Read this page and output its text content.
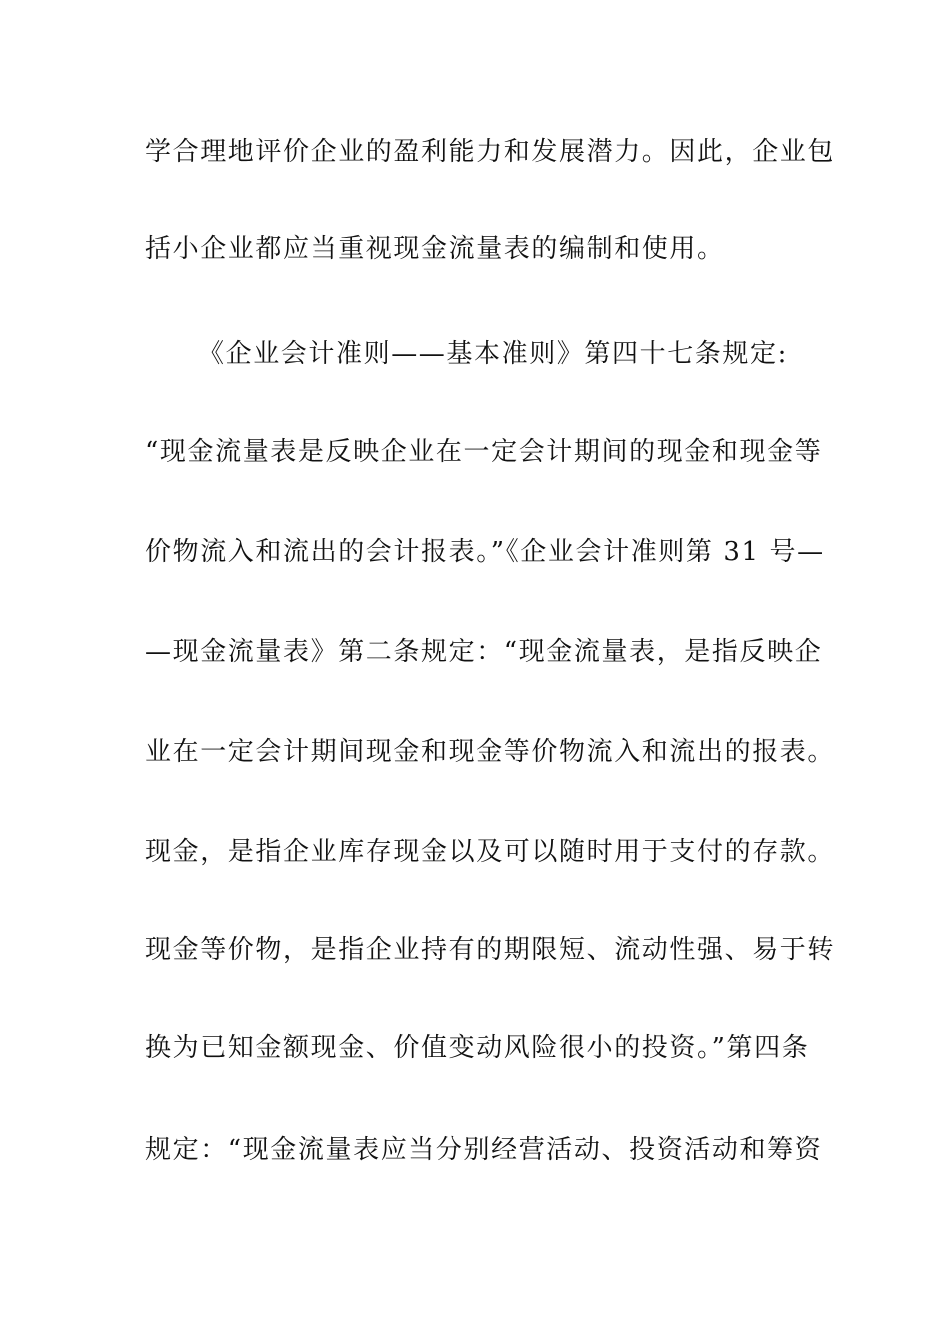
学合理地评价企业的盈利能力和发展潜力。因此，企业包
括小企业都应当重视现金流量表的编制和使用。
《企业会计准则——基本准则》第四十七条规定:
“现金流量表是反映企业在一定会计期间的现金和现金等
价物流入和流出的会计报表。”《企业会计准则第 31 号—
—现金流量表》第二条规定：“现金流量表，是指反映企
业在一定会计期间现金和现金等价物流入和流出的报表。
现金，是指企业库存现金以及可以随时用于支付的存款。
现金等价物，是指企业持有的期限短、流动性强、易于转
换为已知金额现金、价值变动风险很小的投资。”第四条
规定：“现金流量表应当分别经营活动、投资活动和筹资
